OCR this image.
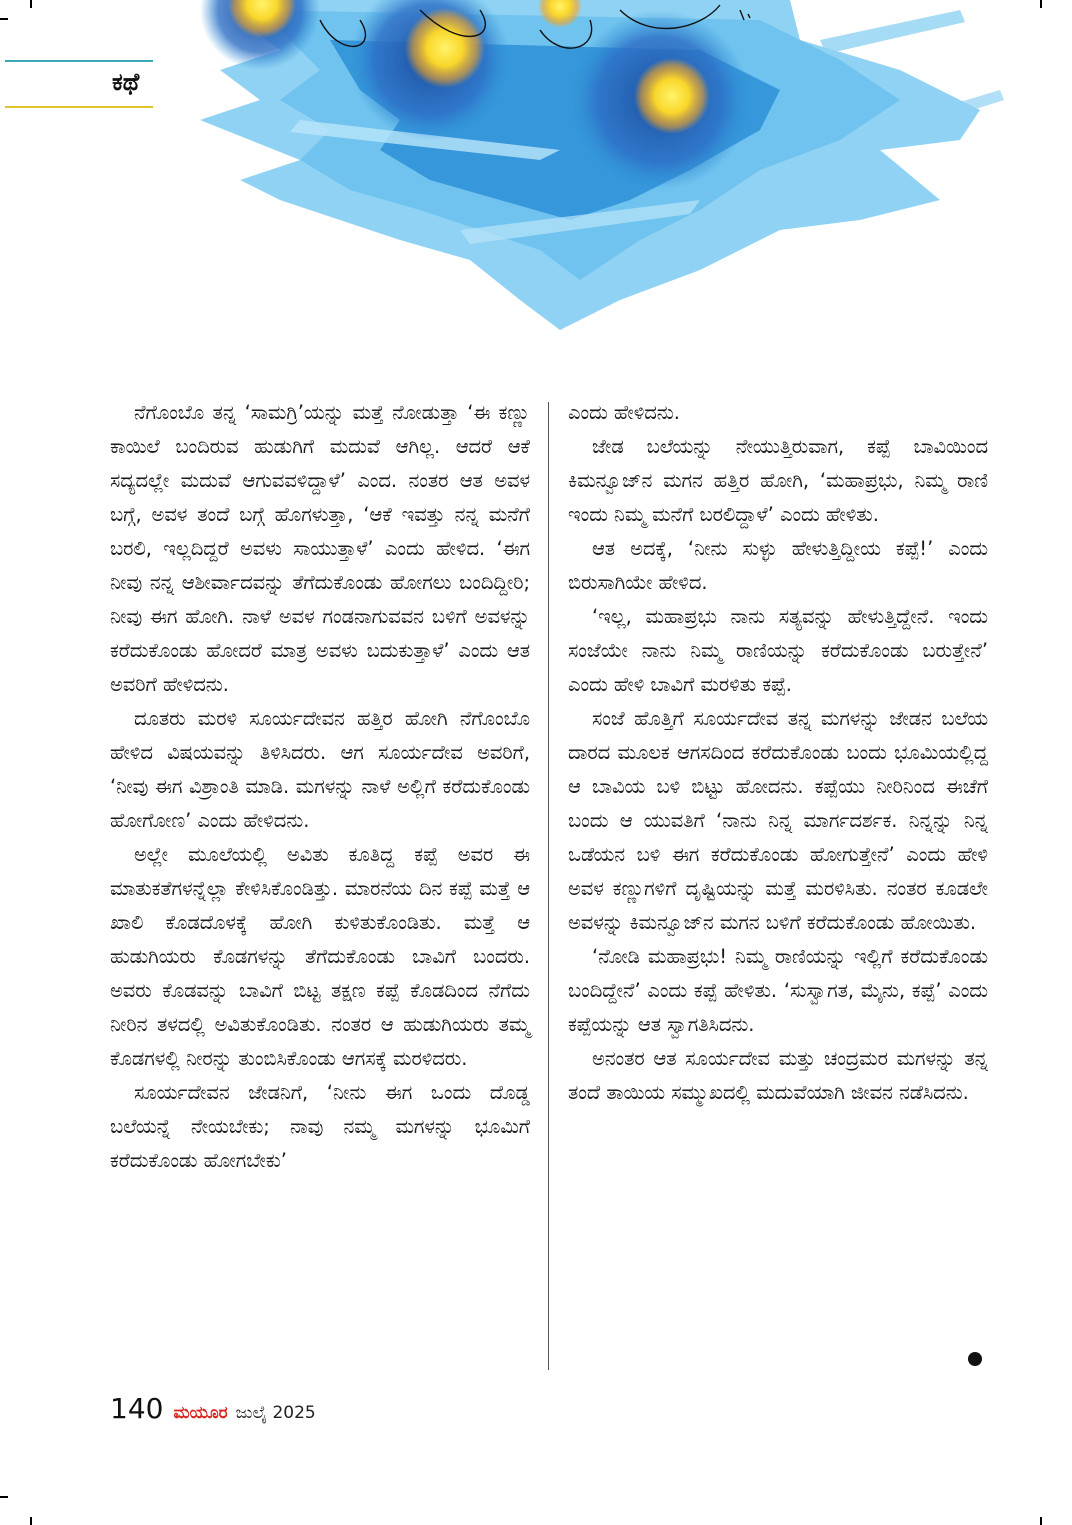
ಕಥೆ

ನೆಗೊಂಬೊ ತನ್ನ ‘ಸಾಮಗ್ರಿ’ಯನ್ನು ಮತ್ತೆ ನೋಡುತ್ತಾ ‘ಈ ಕಣ್ಣು ಕಾಯಿಲೆ ಬಂದಿರುವ ಹುಡುಗಿಗೆ ಮದುವೆ ಆಗಿಲ್ಲ. ಆದರೆ ಆಕೆ ಸದ್ಯದಲ್ಲೇ ಮದುವೆ ಆಗುವವಳಿದ್ದಾಳೆ’ ಎಂದ. ನಂತರ ಆತ ಅವಳ ಬಗ್ಗೆ, ಅವಳ ತಂದೆ ಬಗ್ಗೆ ಹೊಗಳುತ್ತಾ, ‘ಆಕೆ ಇವತ್ತು ನನ್ನ ಮನೆಗೆ ಬರಲಿ, ಇಲ್ಲದಿದ್ದರೆ ಅವಳು ಸಾಯುತ್ತಾಳೆ’ ಎಂದು ಹೇಳಿದ. ‘ಈಗ ನೀವು ನನ್ನ ಆಶೀರ್ವಾದವನ್ನು ತೆಗೆದುಕೊಂಡು ಹೋಗಲು ಬಂದಿದ್ದೀರಿ; ನೀವು ಈಗ ಹೋಗಿ. ನಾಳೆ ಅವಳ ಗಂಡನಾಗುವವನ ಬಳಿಗೆ ಅವಳನ್ನು ಕರೆದುಕೊಂಡು ಹೋದರೆ ಮಾತ್ರ ಅವಳು ಬದುಕುತ್ತಾಳೆ’ ಎಂದು ಆತ ಅವರಿಗೆ ಹೇಳಿದನು.

ದೂತರು ಮರಳಿ ಸೂರ್ಯದೇವನ ಹತ್ತಿರ ಹೋಗಿ ನೆಗೊಂಬೊ ಹೇಳಿದ ವಿಷಯವನ್ನು ತಿಳಿಸಿದರು. ಆಗ ಸೂರ್ಯದೇವ ಅವರಿಗೆ, ‘ನೀವು ಈಗ ವಿಶ್ರಾಂತಿ ಮಾಡಿ. ಮಗಳನ್ನು ನಾಳೆ ಅಲ್ಲಿಗೆ ಕರೆದುಕೊಂಡು ಹೋಗೋಣ’ ಎಂದು ಹೇಳಿದನು.

ಅಲ್ಲೇ ಮೂಲೆಯಲ್ಲಿ ಅವಿತು ಕೂತಿದ್ದ ಕಪ್ಪೆ ಅವರ ಈ ಮಾತುಕತೆಗಳನ್ನೆಲ್ಲಾ ಕೇಳಿಸಿಕೊಂಡಿತ್ತು. ಮಾರನೆಯ ದಿನ ಕಪ್ಪೆ ಮತ್ತೆ ಆ ಖಾಲಿ ಕೊಡದೊಳಕ್ಕೆ ಹೋಗಿ ಕುಳಿತುಕೊಂಡಿತು. ಮತ್ತೆ ಆ ಹುಡುಗಿಯರು ಕೊಡಗಳನ್ನು ತೆಗೆದುಕೊಂಡು ಬಾವಿಗೆ ಬಂದರು. ಅವರು ಕೊಡವನ್ನು ಬಾವಿಗೆ ಬಿಟ್ಟ ತಕ್ಷಣ ಕಪ್ಪೆ ಕೊಡದಿಂದ ನೆಗೆದು ನೀರಿನ ತಳದಲ್ಲಿ ಅವಿತುಕೊಂಡಿತು. ನಂತರ ಆ ಹುಡುಗಿಯರು ತಮ್ಮ ಕೊಡಗಳಲ್ಲಿ ನೀರನ್ನು ತುಂಬಿಸಿಕೊಂಡು ಆಗಸಕ್ಕೆ ಮರಳಿದರು.

ಸೂರ್ಯದೇವನ ಜೇಡನಿಗೆ, ‘ನೀನು ಈಗ ಒಂದು ದೊಡ್ಡ ಬಲೆಯನ್ನೆ ನೇಯಬೇಕು; ನಾವು ನಮ್ಮ ಮಗಳನ್ನು ಭೂಮಿಗೆ ಕರೆದುಕೊಂಡು ಹೋಗಬೇಕು’

ಎಂದು ಹೇಳಿದನು.

ಜೇಡ ಬಲೆಯನ್ನು ನೇಯುತ್ತಿರುವಾಗ, ಕಪ್ಪೆ ಬಾವಿಯಿಂದ ಕಿಮನ್ವೂಜ್‌ನ ಮಗನ ಹತ್ತಿರ ಹೋಗಿ, ‘ಮಹಾಪ್ರಭು, ನಿಮ್ಮ ರಾಣಿ ಇಂದು ನಿಮ್ಮ ಮನೆಗೆ ಬರಲಿದ್ದಾಳೆ’ ಎಂದು ಹೇಳಿತು.

ಆತ ಅದಕ್ಕೆ, ‘ನೀನು ಸುಳ್ಳು ಹೇಳುತ್ತಿದ್ದೀಯ ಕಪ್ಪೆ!’ ಎಂದು ಬಿರುಸಾಗಿಯೇ ಹೇಳಿದ.

‘ಇಲ್ಲ, ಮಹಾಪ್ರಭು ನಾನು ಸತ್ಯವನ್ನು ಹೇಳುತ್ತಿದ್ದೇನೆ. ಇಂದು ಸಂಜೆಯೇ ನಾನು ನಿಮ್ಮ ರಾಣಿಯನ್ನು ಕರೆದುಕೊಂಡು ಬರುತ್ತೇನೆ’ ಎಂದು ಹೇಳಿ ಬಾವಿಗೆ ಮರಳಿತು ಕಪ್ಪೆ.

ಸಂಜೆ ಹೊತ್ತಿಗೆ ಸೂರ್ಯದೇವ ತನ್ನ ಮಗಳನ್ನು ಜೇಡನ ಬಲೆಯ ದಾರದ ಮೂಲಕ ಆಗಸದಿಂದ ಕರೆದುಕೊಂಡು ಬಂದು ಭೂಮಿಯಲ್ಲಿದ್ದ ಆ ಬಾವಿಯ ಬಳಿ ಬಿಟ್ಟು ಹೋದನು. ಕಪ್ಪೆಯು ನೀರಿನಿಂದ ಈಚೆಗೆ ಬಂದು ಆ ಯುವತಿಗೆ ‘ನಾನು ನಿನ್ನ ಮಾರ್ಗದರ್ಶಕ. ನಿನ್ನನ್ನು ನಿನ್ನ ಒಡೆಯನ ಬಳಿ ಈಗ ಕರೆದುಕೊಂಡು ಹೋಗುತ್ತೇನೆ’ ಎಂದು ಹೇಳಿ ಅವಳ ಕಣ್ಣುಗಳಿಗೆ ದೃಷ್ಟಿಯನ್ನು ಮತ್ತೆ ಮರಳಿಸಿತು. ನಂತರ ಕೂಡಲೇ ಅವಳನ್ನು ಕಿಮನ್ವೂಜ್‌ನ ಮಗನ ಬಳಿಗೆ ಕರೆದುಕೊಂಡು ಹೋಯಿತು.

‘ನೋಡಿ ಮಹಾಪ್ರಭು! ನಿಮ್ಮ ರಾಣಿಯನ್ನು ಇಲ್ಲಿಗೆ ಕರೆದುಕೊಂಡು ಬಂದಿದ್ದೇನೆ’ ಎಂದು ಕಪ್ಪೆ ಹೇಳಿತು. ‘ಸುಸ್ವಾಗತ, ಮೈನು, ಕಪ್ಪೆ’ ಎಂದು ಕಪ್ಪೆಯನ್ನು ಆತ ಸ್ವಾಗತಿಸಿದನು.

ಅನಂತರ ಆತ ಸೂರ್ಯದೇವ ಮತ್ತು ಚಂದ್ರಮರ ಮಗಳನ್ನು ತನ್ನ ತಂದೆ ತಾಯಿಯ ಸಮ್ಮುಖದಲ್ಲಿ ಮದುವೆಯಾಗಿ ಜೀವನ ನಡೆಸಿದನು.

140 ಮಯೂರ ಜುಲೈ 2025
